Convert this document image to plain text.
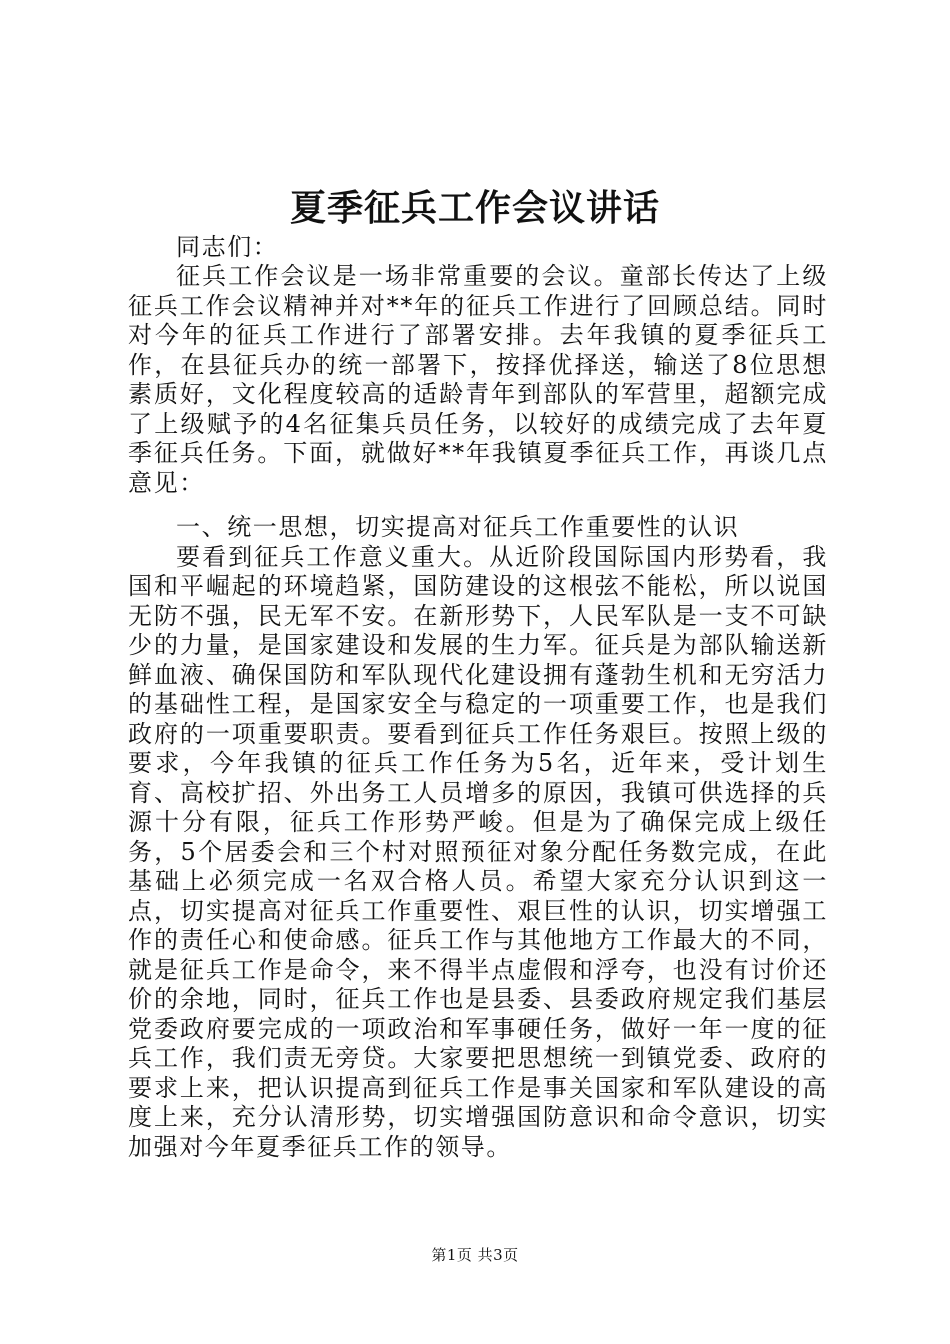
夏季征兵工作会议讲话

同志们：

征兵工作会议是一场非常重要的会议。童部长传达了上级征兵工作会议精神并对**年的征兵工作进行了回顾总结。同时对今年的征兵工作进行了部署安排。去年我镇的夏季征兵工作，在县征兵办的统一部署下，按择优择送，输送了8位思想素质好，文化程度较高的适龄青年到部队的军营里，超额完成了上级赋予的4名征集兵员任务，以较好的成绩完成了去年夏季征兵任务。下面，就做好**年我镇夏季征兵工作，再谈几点意见：

一、统一思想，切实提高对征兵工作重要性的认识

要看到征兵工作意义重大。从近阶段国际国内形势看，我国和平崛起的环境趋紧，国防建设的这根弦不能松，所以说国无防不强，民无军不安。在新形势下，人民军队是一支不可缺少的力量，是国家建设和发展的生力军。征兵是为部队输送新鲜血液、确保国防和军队现代化建设拥有蓬勃生机和无穷活力的基础性工程，是国家安全与稳定的一项重要工作，也是我们政府的一项重要职责。要看到征兵工作任务艰巨。按照上级的要求，今年我镇的征兵工作任务为5名，近年来，受计划生育、高校扩招、外出务工人员增多的原因，我镇可供选择的兵源十分有限，征兵工作形势严峻。但是为了确保完成上级任务，5个居委会和三个村对照预征对象分配任务数完成，在此基础上必须完成一名双合格人员。希望大家充分认识到这一点，切实提高对征兵工作重要性、艰巨性的认识，切实增强工作的责任心和使命感。征兵工作与其他地方工作最大的不同，就是征兵工作是命令，来不得半点虚假和浮夸，也没有讨价还价的余地，同时，征兵工作也是县委、县委政府规定我们基层党委政府要完成的一项政治和军事硬任务，做好一年一度的征兵工作，我们责无旁贷。大家要把思想统一到镇党委、政府的要求上来，把认识提高到征兵工作是事关国家和军队建设的高度上来，充分认清形势，切实增强国防意识和命令意识，切实加强对今年夏季征兵工作的领导。

第1页 共3页
